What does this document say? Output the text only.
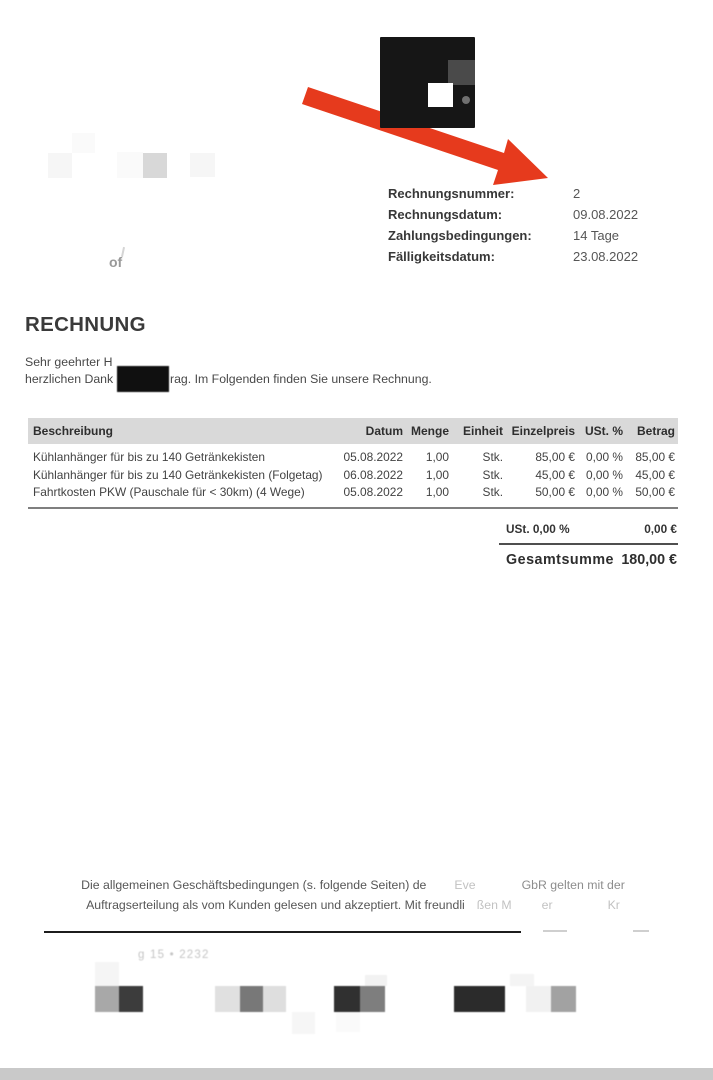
of
Rechnungsnummer:	2
Rechnungsdatum:	09.08.2022
Zahlungsbedingungen:	14 Tage
Fälligkeitsdatum:	23.08.2022
RECHNUNG
Sehr geehrter H
herzlichen Dank	rag. Im Folgenden finden Sie unsere Rechnung.
Beschreibung	Datum	Menge	Einheit	Einzelpreis	USt. %	Betrag
Kühlanhänger für bis zu 140 Getränkekisten	05.08.2022	1,00	Stk.	85,00 €	0,00 %	85,00 €
Kühlanhänger für bis zu 140 Getränkekisten (Folgetag)	06.08.2022	1,00	Stk.	45,00 €	0,00 %	45,00 €
Fahrtkosten PKW (Pauschale für < 30km) (4 Wege)	05.08.2022	1,00	Stk.	50,00 €	0,00 %	50,00 €
USt. 0,00 %	0,00 €
Gesamtsumme 180,00 €
Die allgemeinen Geschäftsbedingungen (s. folgende Seiten) de Eve	GbR gelten mit der
Auftragserteilung als vom Kunden gelesen und akzeptiert. Mit freundli ßen M er	Kr
g 15 • 2232
